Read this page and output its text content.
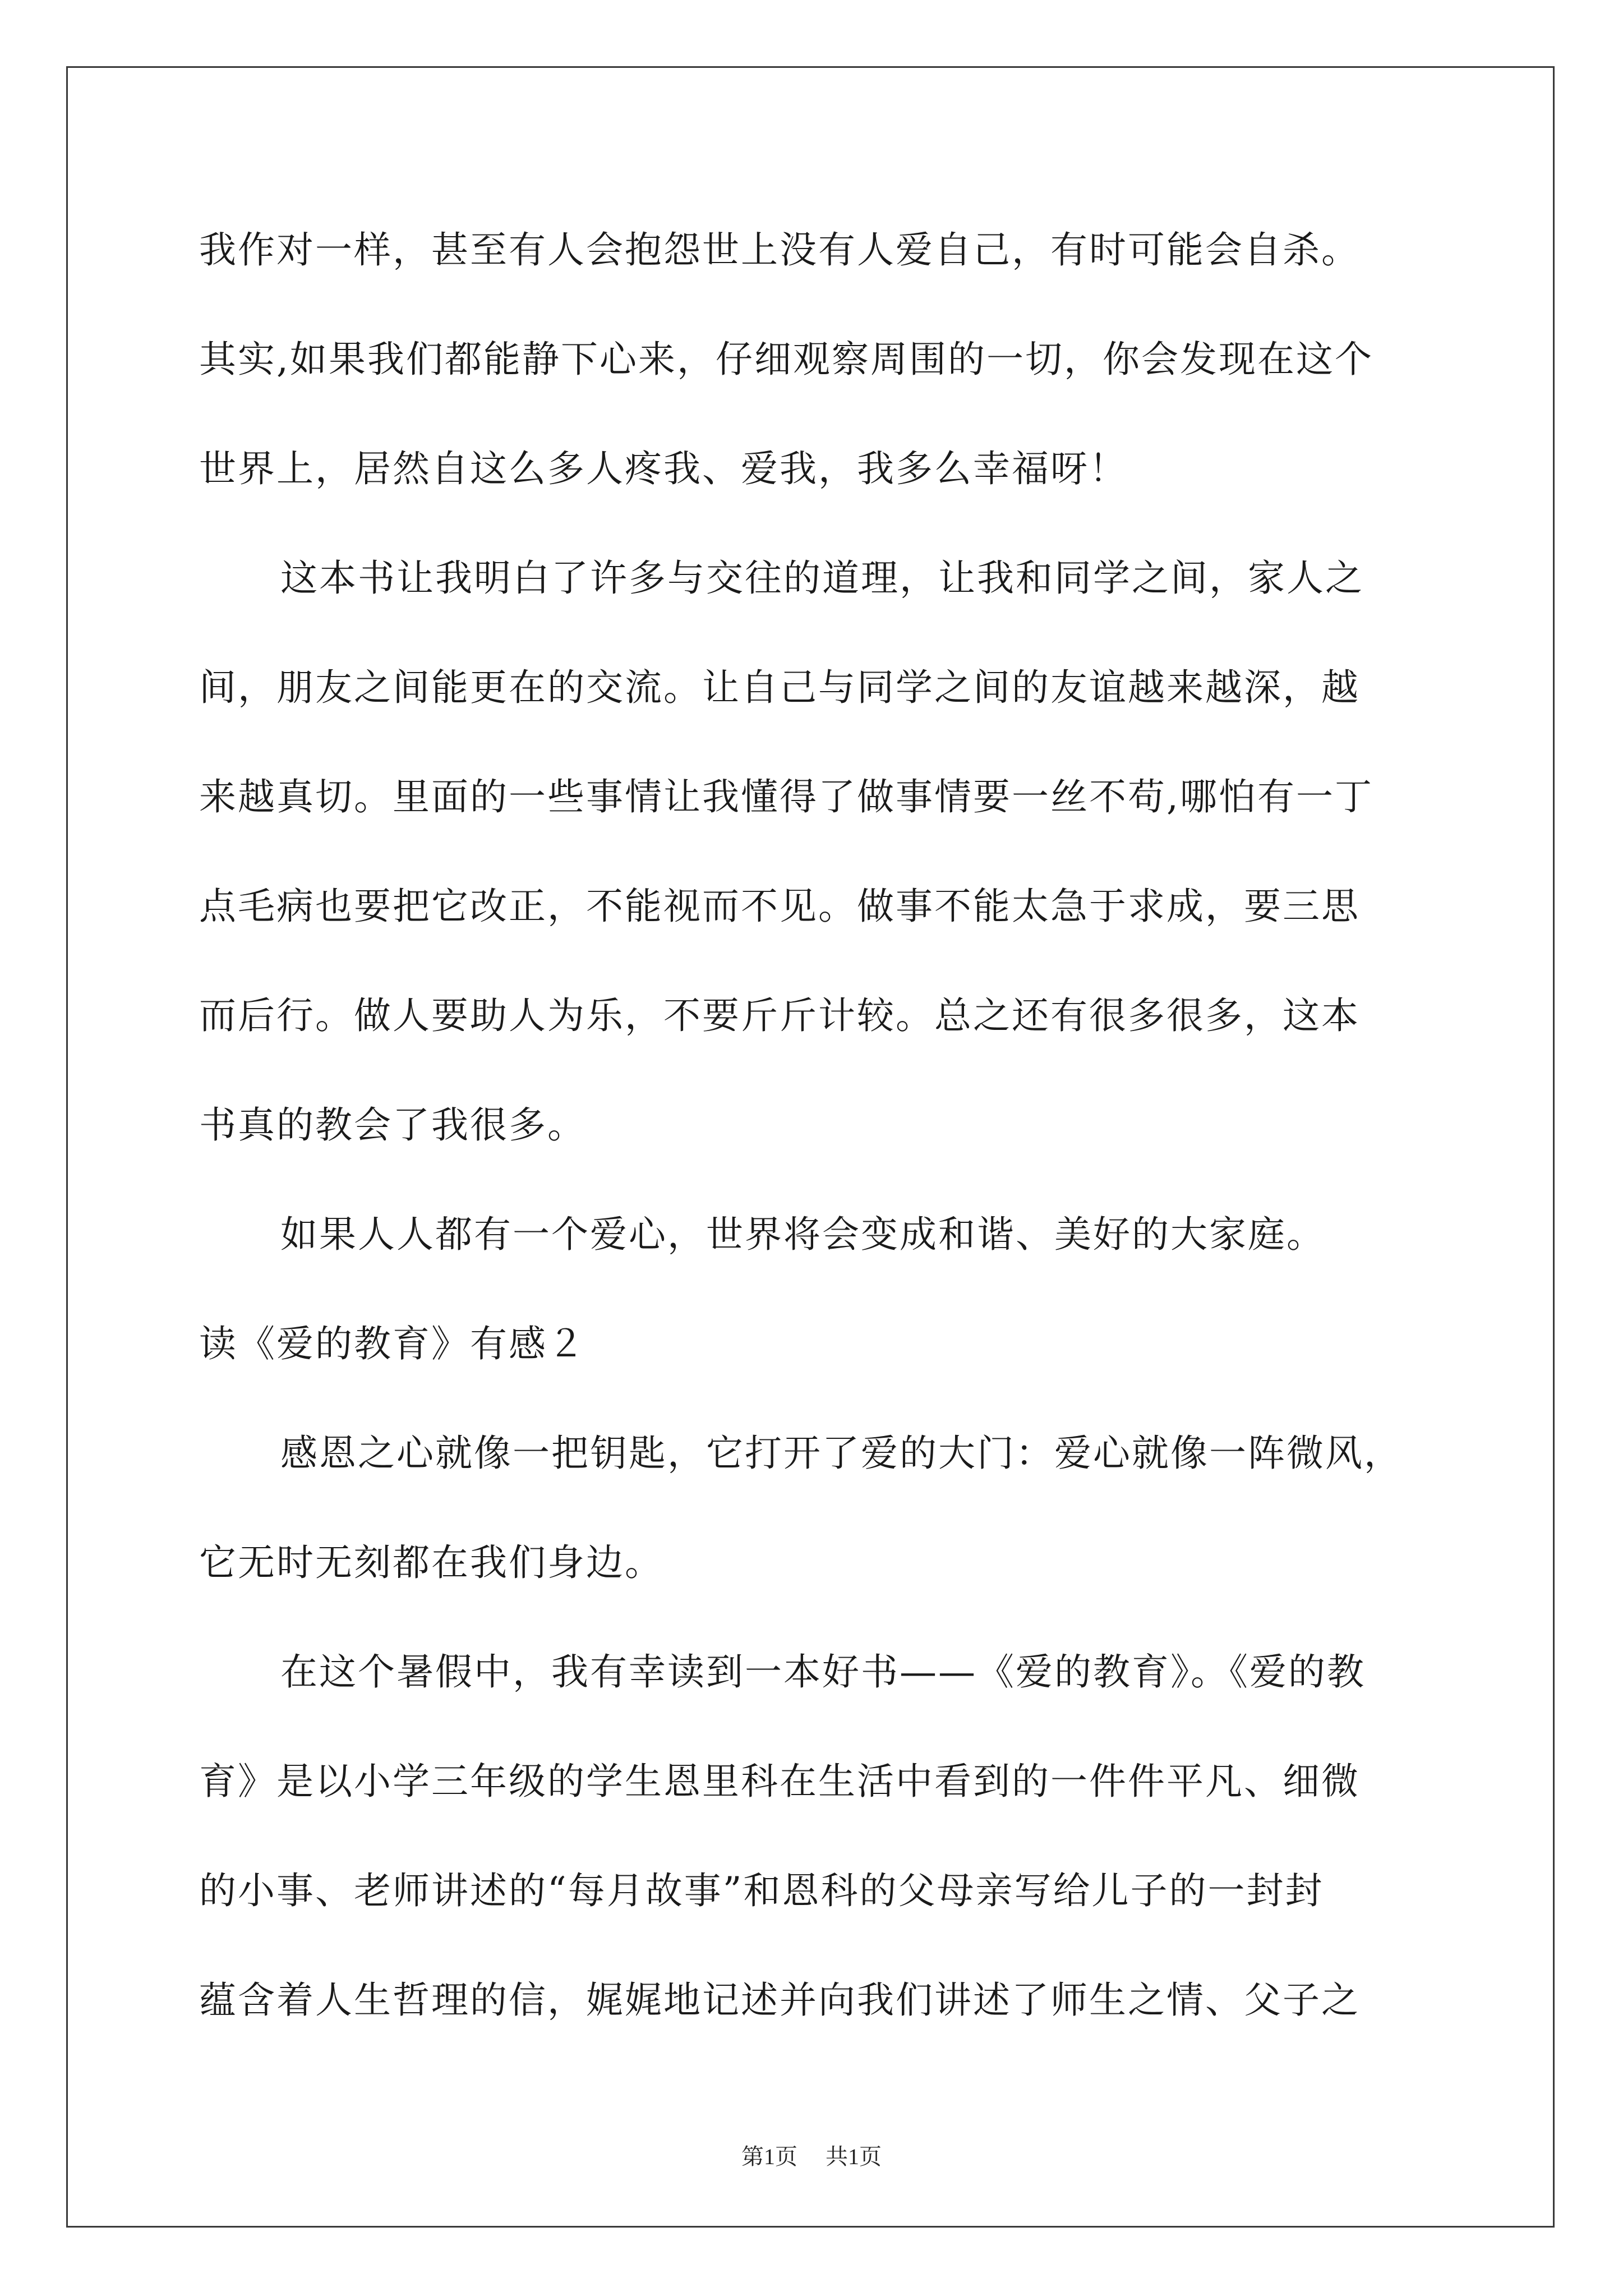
我作对一样，甚至有人会抱怨世上没有人爱自己，有时可能会自杀。
其实,如果我们都能静下心来，仔细观察周围的一切，你会发现在这个
世界上，居然自这么多人疼我、爱我，我多么幸福呀！
这本书让我明白了许多与交往的道理，让我和同学之间，家人之
间，朋友之间能更在的交流。让自己与同学之间的友谊越来越深，越
来越真切。里面的一些事情让我懂得了做事情要一丝不苟,哪怕有一丁
点毛病也要把它改正，不能视而不见。做事不能太急于求成，要三思
而后行。做人要助人为乐，不要斤斤计较。总之还有很多很多，这本
书真的教会了我很多。
如果人人都有一个爱心，世界将会变成和谐、美好的大家庭。
读《爱的教育》有感２
感恩之心就像一把钥匙，它打开了爱的大门：爱心就像一阵微风，
它无时无刻都在我们身边。
在这个暑假中，我有幸读到一本好书——《爱的教育》。《爱的教
育》是以小学三年级的学生恩里科在生活中看到的一件件平凡、细微
的小事、老师讲述的“每月故事”和恩科的父母亲写给儿子的一封封
蕴含着人生哲理的信，娓娓地记述并向我们讲述了师生之情、父子之
第1页 共1页
